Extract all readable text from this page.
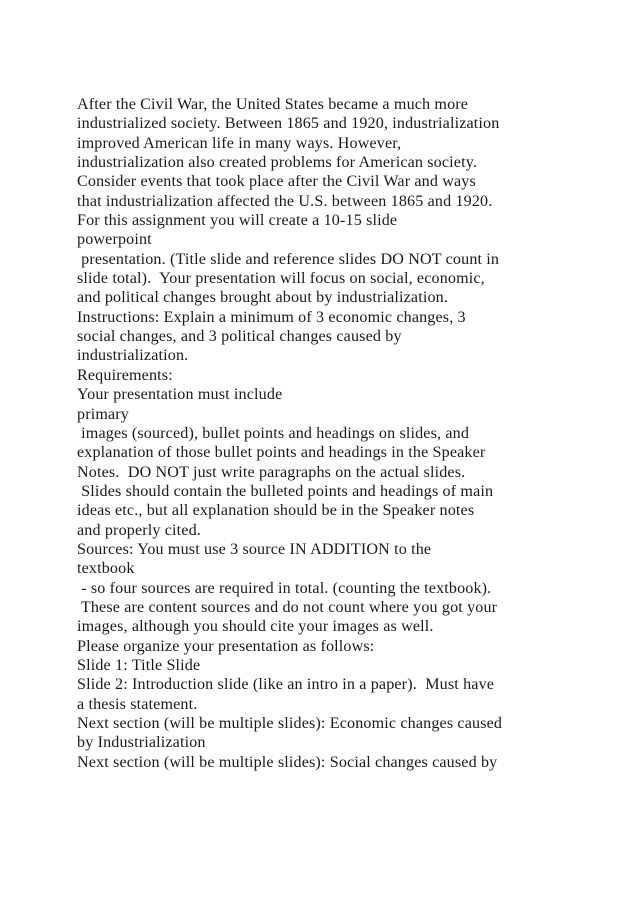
After the Civil War, the United States became a much more
industrialized society. Between 1865 and 1920, industrialization
improved American life in many ways. However,
industrialization also created problems for American society.
Consider events that took place after the Civil War and ways
that industrialization affected the U.S. between 1865 and 1920.
For this assignment you will create a 10-15 slide
powerpoint
presentation. (Title slide and reference slides DO NOT count in
slide total).  Your presentation will focus on social, economic,
and political changes brought about by industrialization.
Instructions: Explain a minimum of 3 economic changes, 3
social changes, and 3 political changes caused by
industrialization.
Requirements:
Your presentation must include
primary
images (sourced), bullet points and headings on slides, and
explanation of those bullet points and headings in the Speaker
Notes.  DO NOT just write paragraphs on the actual slides.
Slides should contain the bulleted points and headings of main
ideas etc., but all explanation should be in the Speaker notes
and properly cited.
Sources: You must use 3 source IN ADDITION to the
textbook
- so four sources are required in total. (counting the textbook).
These are content sources and do not count where you got your
images, although you should cite your images as well.
Please organize your presentation as follows:
Slide 1: Title Slide
Slide 2: Introduction slide (like an intro in a paper).  Must have
a thesis statement.
Next section (will be multiple slides): Economic changes caused
by Industrialization
Next section (will be multiple slides): Social changes caused by
